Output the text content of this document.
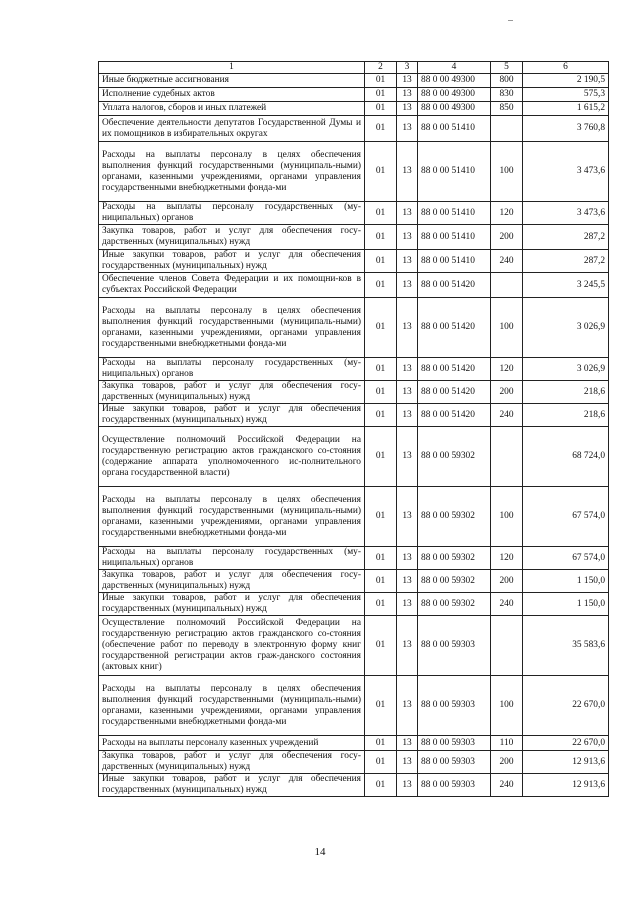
1	2	3	4	5	6
Иные бюджетные ассигнования	01	13	88 0 00 49300	800	2 190,5
Исполнение судебных актов	01	13	88 0 00 49300	830	575,3
Уплата налогов, сборов и иных платежей	01	13	88 0 00 49300	850	1 615,2
Обеспечение деятельности депутатов Государственной Думы и их помощников в избирательных округах	01	13	88 0 00 51410		3 760,8
Расходы на выплаты персоналу в целях обеспечения выполнения функций государственными (муниципаль-ными) органами, казенными учреждениями, органами управления государственными внебюджетными фонда-ми	01	13	88 0 00 51410	100	3 473,6
Расходы на выплаты персоналу государственных (му-ниципальных) органов	01	13	88 0 00 51410	120	3 473,6
Закупка товаров, работ и услуг для обеспечения госу-дарственных (муниципальных) нужд	01	13	88 0 00 51410	200	287,2
Иные закупки товаров, работ и услуг для обеспечения государственных (муниципальных) нужд	01	13	88 0 00 51410	240	287,2
Обеспечение членов Совета Федерации и их помощни-ков в субъектах Российской Федерации	01	13	88 0 00 51420		3 245,5
Расходы на выплаты персоналу в целях обеспечения выполнения функций государственными (муниципаль-ными) органами, казенными учреждениями, органами управления государственными внебюджетными фонда-ми	01	13	88 0 00 51420	100	3 026,9
Расходы на выплаты персоналу государственных (му-ниципальных) органов	01	13	88 0 00 51420	120	3 026,9
Закупка товаров, работ и услуг для обеспечения госу-дарственных (муниципальных) нужд	01	13	88 0 00 51420	200	218,6
Иные закупки товаров, работ и услуг для обеспечения государственных (муниципальных) нужд	01	13	88 0 00 51420	240	218,6
Осуществление полномочий Российской Федерации на государственную регистрацию актов гражданского со-стояния (содержание аппарата уполномоченного ис-полнительного органа государственной власти)	01	13	88 0 00 59302		68 724,0
Расходы на выплаты персоналу в целях обеспечения выполнения функций государственными (муниципаль-ными) органами, казенными учреждениями, органами управления государственными внебюджетными фонда-ми	01	13	88 0 00 59302	100	67 574,0
Расходы на выплаты персоналу государственных (му-ниципальных) органов	01	13	88 0 00 59302	120	67 574,0
Закупка товаров, работ и услуг для обеспечения госу-дарственных (муниципальных) нужд	01	13	88 0 00 59302	200	1 150,0
Иные закупки товаров, работ и услуг для обеспечения государственных (муниципальных) нужд	01	13	88 0 00 59302	240	1 150,0
Осуществление полномочий Российской Федерации на государственную регистрацию актов гражданского со-стояния (обеспечение работ по переводу в электронную форму книг государственной регистрации актов граж-данского состояния (актовых книг)	01	13	88 0 00 59303		35 583,6
Расходы на выплаты персоналу в целях обеспечения выполнения функций государственными (муниципаль-ными) органами, казенными учреждениями, органами управления государственными внебюджетными фонда-ми	01	13	88 0 00 59303	100	22 670,0
Расходы на выплаты персоналу казенных учреждений	01	13	88 0 00 59303	110	22 670,0
Закупка товаров, работ и услуг для обеспечения госу-дарственных (муниципальных) нужд	01	13	88 0 00 59303	200	12 913,6
Иные закупки товаров, работ и услуг для обеспечения государственных (муниципальных) нужд	01	13	88 0 00 59303	240	12 913,6
14
